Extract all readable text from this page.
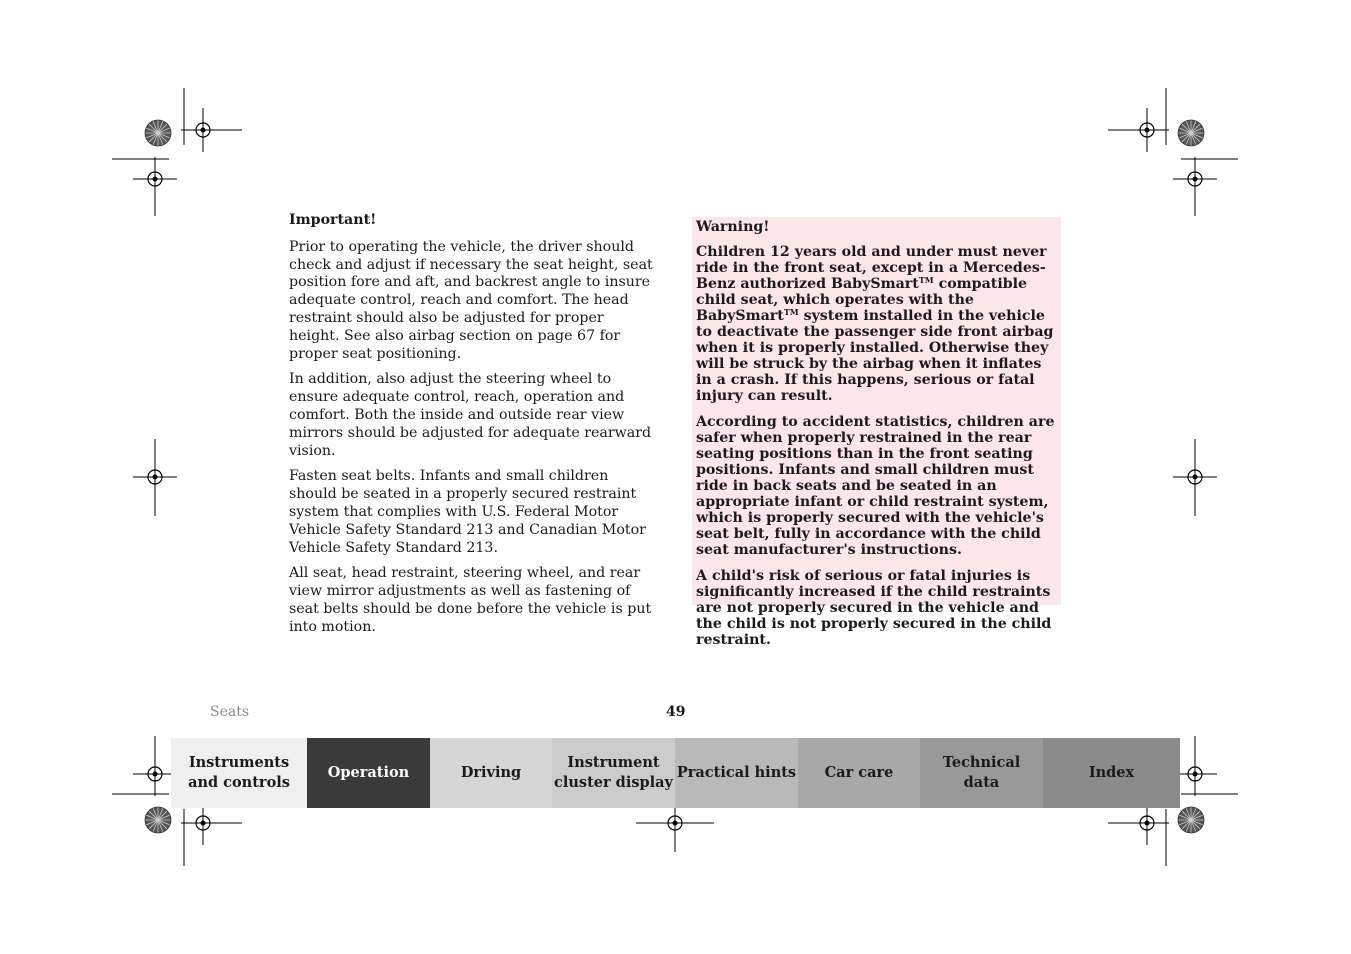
Important!

Prior to operating the vehicle, the driver should check and adjust if necessary the seat height, seat position fore and aft, and backrest angle to insure adequate control, reach and comfort. The head restraint should also be adjusted for proper height. See also airbag section on page 67 for proper seat positioning.

In addition, also adjust the steering wheel to ensure adequate control, reach, operation and comfort. Both the inside and outside rear view mirrors should be adjusted for adequate rearward vision.

Fasten seat belts. Infants and small children should be seated in a properly secured restraint system that complies with U.S. Federal Motor Vehicle Safety Standard 213 and Canadian Motor Vehicle Safety Standard 213.

All seat, head restraint, steering wheel, and rear view mirror adjustments as well as fastening of seat belts should be done before the vehicle is put into motion.

Warning!

Children 12 years old and under must never ride in the front seat, except in a Mercedes-Benz authorized BabySmart™ compatible child seat, which operates with the BabySmart™ system installed in the vehicle to deactivate the passenger side front airbag when it is properly installed. Otherwise they will be struck by the airbag when it inflates in a crash. If this happens, serious or fatal injury can result.

According to accident statistics, children are safer when properly restrained in the rear seating positions than in the front seating positions. Infants and small children must ride in back seats and be seated in an appropriate infant or child restraint system, which is properly secured with the vehicle's seat belt, fully in accordance with the child seat manufacturer's instructions.

A child's risk of serious or fatal injuries is significantly increased if the child restraints are not properly secured in the vehicle and the child is not properly secured in the child restraint.

Seats	49
Instruments
and controls
Operation	Driving
Instrument
cluster display
Practical hints	Car care
Technical
data
Index
